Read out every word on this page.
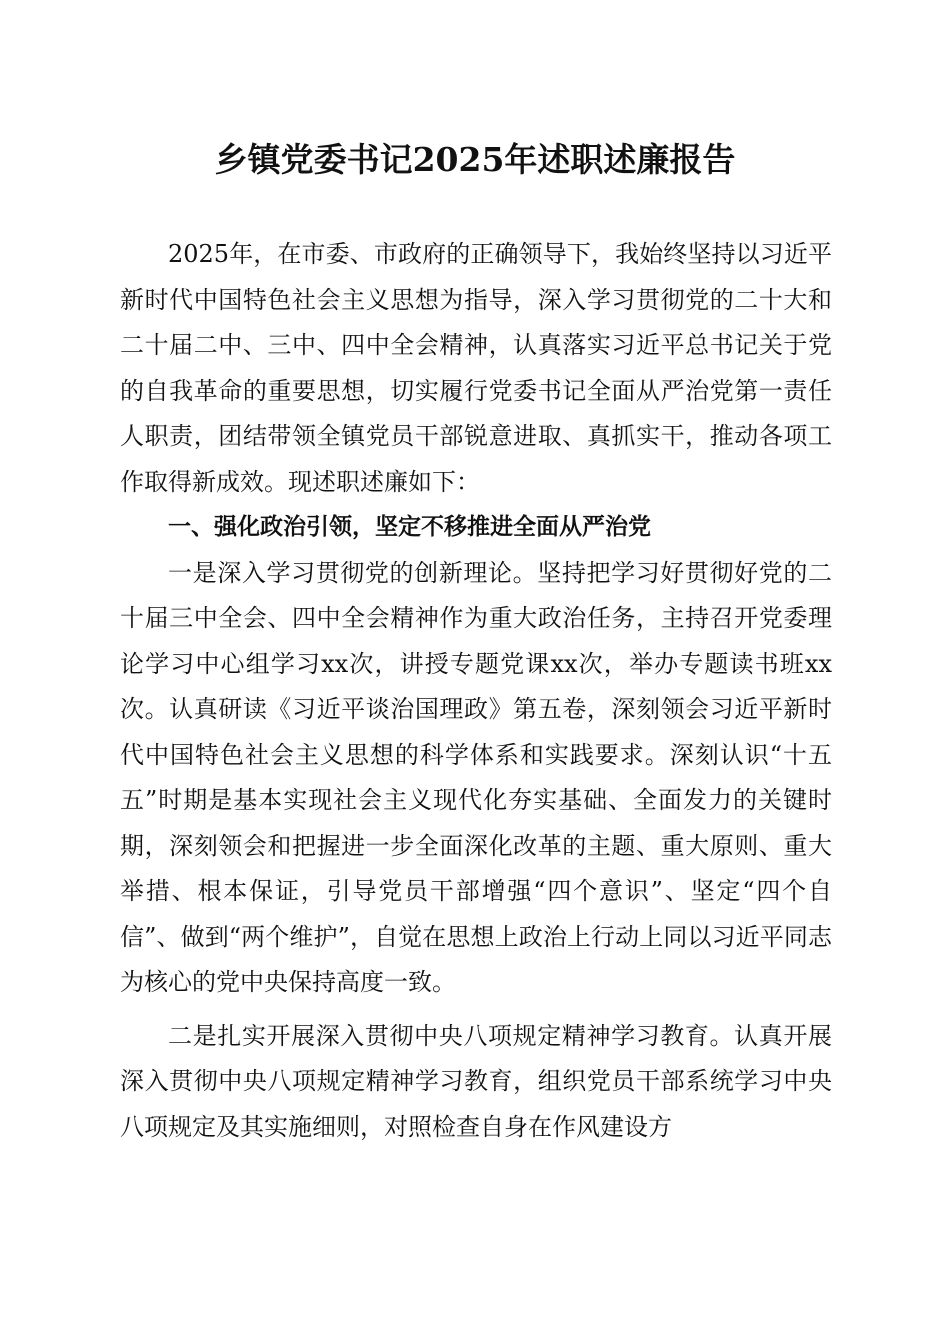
乡镇党委书记2025年述职述廉报告

2025年，在市委、市政府的正确领导下，我始终坚持以习近平新时代中国特色社会主义思想为指导，深入学习贯彻党的二十大和二十届二中、三中、四中全会精神，认真落实习近平总书记关于党的自我革命的重要思想，切实履行党委书记全面从严治党第一责任人职责，团结带领全镇党员干部锐意进取、真抓实干，推动各项工作取得新成效。现述职述廉如下：

一、强化政治引领，坚定不移推进全面从严治党

一是深入学习贯彻党的创新理论。坚持把学习好贯彻好党的二十届三中全会、四中全会精神作为重大政治任务，主持召开党委理论学习中心组学习xx次，讲授专题党课xx次，举办专题读书班xx次。认真研读《习近平谈治国理政》第五卷，深刻领会习近平新时代中国特色社会主义思想的科学体系和实践要求。深刻认识“十五五”时期是基本实现社会主义现代化夯实基础、全面发力的关键时期，深刻领会和把握进一步全面深化改革的主题、重大原则、重大举措、根本保证，引导党员干部增强“四个意识”、坚定“四个自信”、做到“两个维护”，自觉在思想上政治上行动上同以习近平同志为核心的党中央保持高度一致。

二是扎实开展深入贯彻中央八项规定精神学习教育。认真开展深入贯彻中央八项规定精神学习教育，组织党员干部系统学习中央八项规定及其实施细则，对照检查自身在作风建设方
